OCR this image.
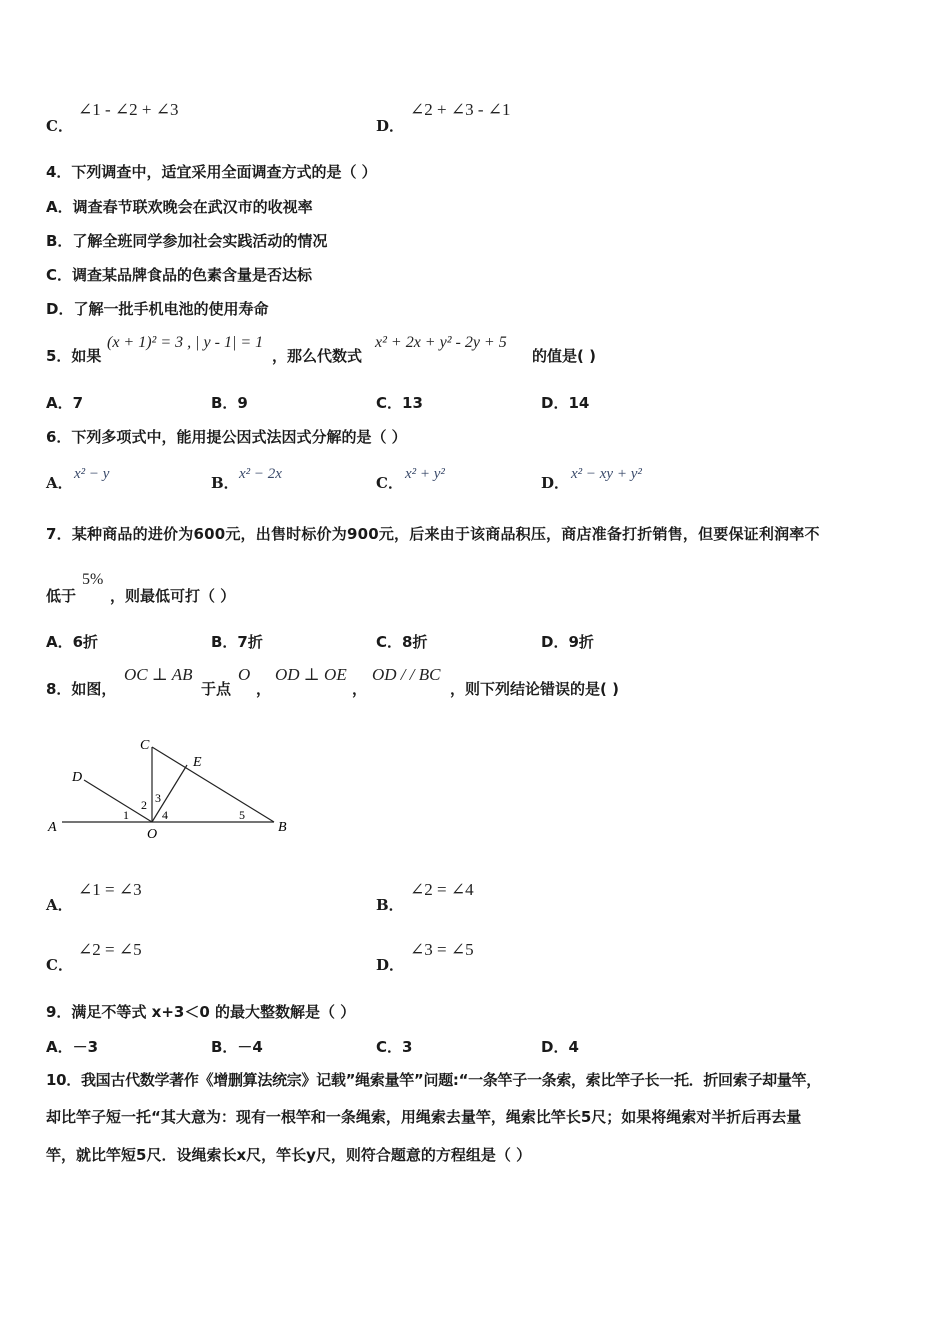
C．
∠1 - ∠2 + ∠3
D．
∠2 + ∠3 - ∠1
4．下列调查中，适宜采用全面调查方式的是（ ）
A．调查春节联欢晚会在武汉市的收视率
B．了解全班同学参加社会实践活动的情况
C．调查某品牌食品的色素含量是否达标
D．了解一批手机电池的使用寿命
5．如果
(x + 1)² = 3 , | y - 1| = 1
，那么代数式
x² + 2x + y² - 2y + 5
的值是( )
A．7	B．9	C．13	D．14
6．下列多项式中，能用提公因式法因式分解的是（ ）
A． x² − y	B． x² − 2x	C． x² + y²	D． x² − xy + y²
7．某种商品的进价为600元，出售时标价为900元，后来由于该商品积压，商店准备打折销售，但要保证利润率不
低于
5%
，则最低可打（ ）
A．6折	B．7折	C．8折	D．9折
8．如图，
OC ⊥ AB
于点
O
，
OD ⊥ OE
，
OD / / BC
，则下列结论错误的是( )
A	B
C
D
E
O
1
2 3
4	5
A．
∠1 = ∠3
B．
∠2 = ∠4
C．
∠2 = ∠5
D．
∠3 = ∠5
9．满足不等式 x+3＜0 的最大整数解是（ ）
A．－3	B．－4	C．3	D．4
10．我国古代数学著作《增删算法统宗》记载”绳索量竿”问题:“一条竿子一条索，索比竿子长一托．折回索子却量竿，
却比竿子短一托“其大意为：现有一根竿和一条绳索，用绳索去量竿，绳索比竿长5尺；如果将绳索对半折后再去量
竿，就比竿短5尺．设绳索长x尺，竿长y尺，则符合题意的方程组是（ ）
